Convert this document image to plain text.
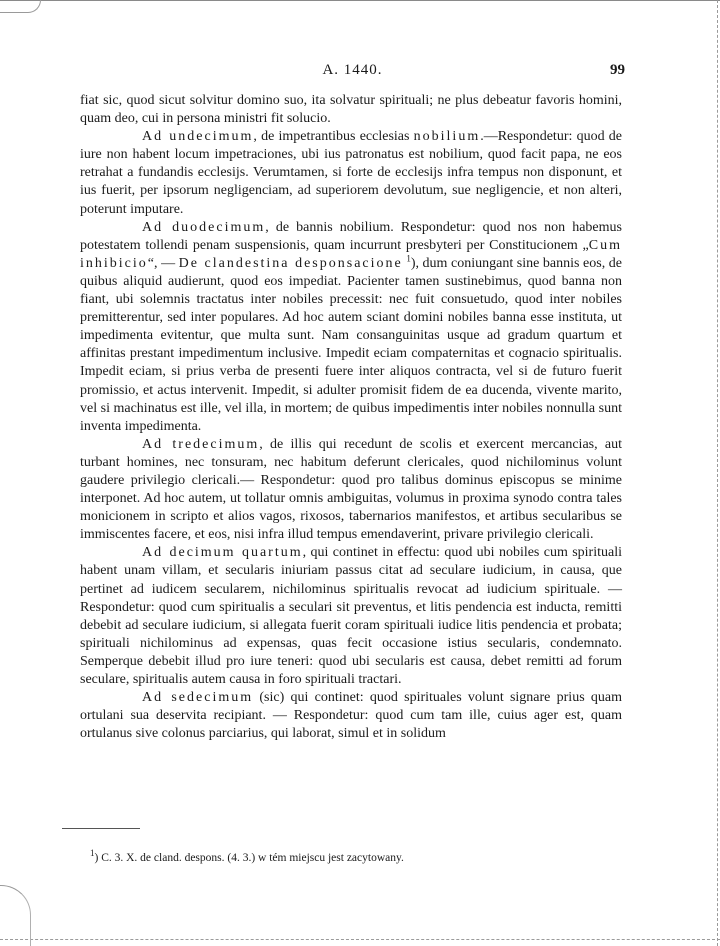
A. 1440.	99

fiat sic, quod sicut solvitur domino suo, ita solvatur spirituali; ne plus debeatur favoris homini, quam deo, cui in persona ministri fit solucio.

Ad undecimum, de impetrantibus ecclesias nobilium.—Respondetur: quod de iure non habent locum impetraciones, ubi ius patronatus est nobilium, quod facit papa, ne eos retrahat a fundandis ecclesijs. Verumtamen, si forte de ecclesijs infra tempus non disponunt, et ius fuerit, per ipsorum negligenciam, ad superiorem devolutum, sue negligencie, et non alteri, poterunt imputare.

Ad duodecimum, de bannis nobilium. Respondetur: quod nos non habemus potestatem tollendi penam suspensionis, quam incurrunt presbyteri per Constitucionem „Cum inhibicio“, — De clandestina desponsacione $^1$), dum coniungant sine bannis eos, de quibus aliquid audierunt, quod eos impediat. Pacienter tamen sustinebimus, quod banna non fiant, ubi solemnis tractatus inter nobiles precessit: nec fuit consuetudo, quod inter nobiles premitterentur, sed inter populares. Ad hoc autem sciant domini nobiles banna esse instituta, ut impedimenta evitentur, que multa sunt. Nam consanguinitas usque ad gradum quartum et affinitas prestant impedimentum inclusive. Impedit eciam compaternitas et cognacio spiritualis. Impedit eciam, si prius verba de presenti fuere inter aliquos contracta, vel si de futuro fuerit promissio, et actus intervenit. Impedit, si adulter promisit fidem de ea ducenda, vivente marito, vel si machinatus est ille, vel illa, in mortem; de quibus impedimentis inter nobiles nonnulla sunt inventa impedimenta.

Ad tredecimum, de illis qui recedunt de scolis et exercent mercancias, aut turbant homines, nec tonsuram, nec habitum deferunt clericales, quod nichilominus volunt gaudere privilegio clericali.— Respondetur: quod pro talibus dominus episcopus se minime interponet. Ad hoc autem, ut tollatur omnis ambiguitas, volumus in proxima synodo contra tales monicionem in scripto et alios vagos, rixosos, tabernarios manifestos, et artibus secularibus se immiscentes facere, et eos, nisi infra illud tempus emendaverint, privare privilegio clericali.

Ad decimum quartum, qui continet in effectu: quod ubi nobiles cum spirituali habent unam villam, et secularis iniuriam passus citat ad seculare iudicium, in causa, que pertinet ad iudicem secularem, nichilominus spiritualis revocat ad iudicium spirituale. — Respondetur: quod cum spiritualis a seculari sit preventus, et litis pendencia est inducta, remitti debebit ad seculare iudicium, si allegata fuerit coram spirituali iudice litis pendencia et probata; spirituali nichilominus ad expensas, quas fecit occasione istius secularis, condemnato. Semperque debebit illud pro iure teneri: quod ubi secularis est causa, debet remitti ad forum seculare, spiritualis autem causa in foro spirituali tractari.

Ad sedecimum (sic) qui continet: quod spirituales volunt signare prius quam ortulani sua deservita recipiant. — Respondetur: quod cum tam ille, cuius ager est, quam ortulanus sive colonus parciarius, qui laborat, simul et in solidum

$^1$) C. 3. X. de cland. despons. (4. 3.) w tém miejscu jest zacytowany.
